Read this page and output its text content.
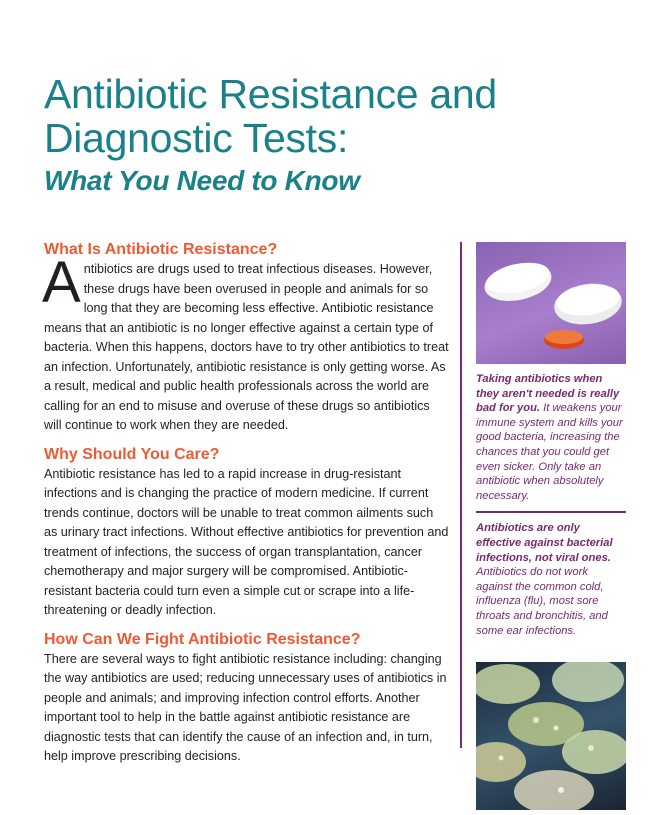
Antibiotic Resistance and
Diagnostic Tests:
What You Need to Know
What Is Antibiotic Resistance?

Antibiotics are drugs used to treat infectious diseases. However, these drugs have been overused in people and animals for so long that they are becoming less effective. Antibiotic resistance means that an antibiotic is no longer effective against a certain type of bacteria. When this happens, doctors have to try other antibiotics to treat an infection. Unfortunately, antibiotic resistance is only getting worse. As a result, medical and public health professionals across the world are calling for an end to misuse and overuse of these drugs so antibiotics will continue to work when they are needed.

Why Should You Care?

Antibiotic resistance has led to a rapid increase in drug-resistant infections and is changing the practice of modern medicine. If current trends continue, doctors will be unable to treat common ailments such as urinary tract infections. Without effective antibiotics for prevention and treatment of infections, the success of organ transplantation, cancer chemotherapy and major surgery will be compromised. Antibiotic-resistant bacteria could turn even a simple cut or scrape into a life-threatening or deadly infection.

How Can We Fight Antibiotic Resistance?

There are several ways to fight antibiotic resistance including: changing the way antibiotics are used; reducing unnecessary uses of antibiotics in people and animals; and improving infection control efforts. Another important tool to help in the battle against antibiotic resistance are diagnostic tests that can identify the cause of an infection and, in turn, help improve prescribing decisions.

Taking antibiotics when they aren't needed is really bad for you. It weakens your immune system and kills your good bacteria, increasing the chances that you could get even sicker. Only take an antibiotic when absolutely necessary.
Antibiotics are only effective against bacterial infections, not viral ones. Antibiotics do not work against the common cold, influenza (flu), most sore throats and bronchitis, and some ear infections.
